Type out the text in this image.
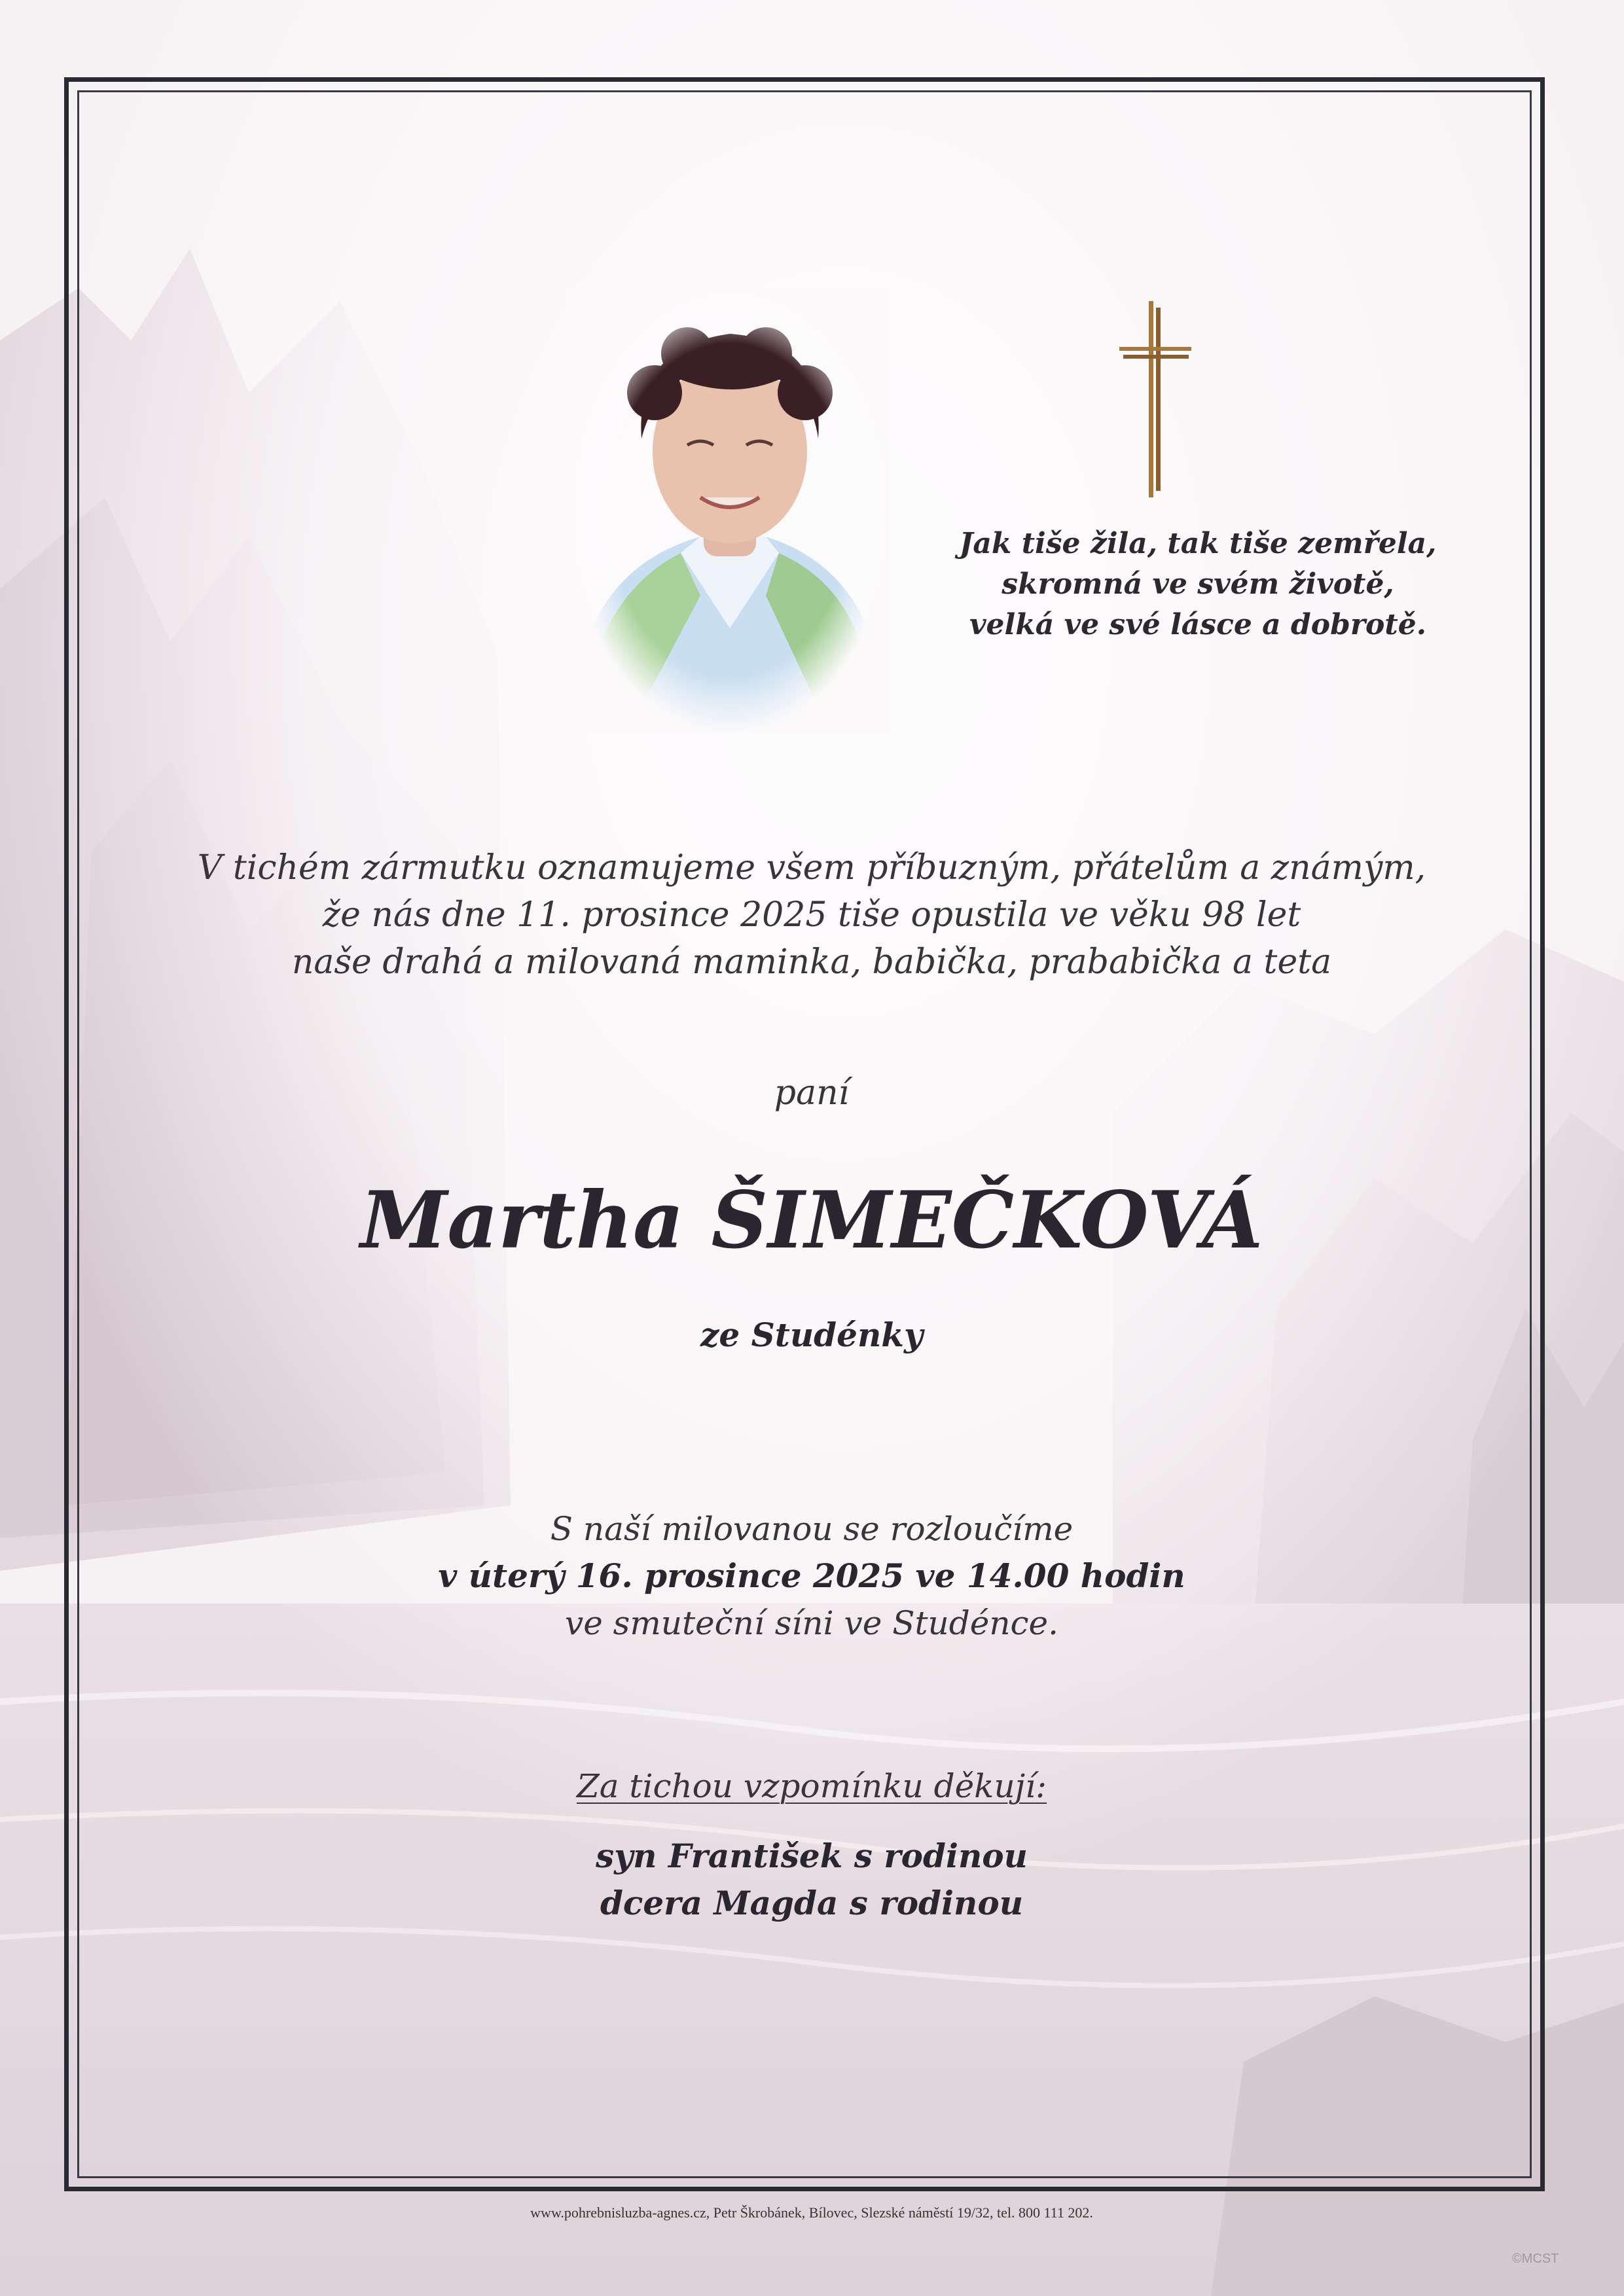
Jak tiše žila, tak tiše zemřela,
skromná ve svém životě,
velká ve své lásce a dobrotě.
V tichém zármutku oznamujeme všem příbuzným, přátelům a známým,
že nás dne 11. prosince 2025 tiše opustila ve věku 98 let
naše drahá a milovaná maminka, babička, prababička a teta
paní
Martha ŠIMEČKOVÁ
ze Studénky
S naší milovanou se rozloučíme
v úterý 16. prosince 2025 ve 14.00 hodin
ve smuteční síni ve Studénce.
Za tichou vzpomínku děkují:
syn František s rodinou
dcera Magda s rodinou
www.pohrebnisluzba-agnes.cz, Petr Škrobánek, Bílovec, Slezské náměstí 19/32, tel. 800 111 202.
©MCST
